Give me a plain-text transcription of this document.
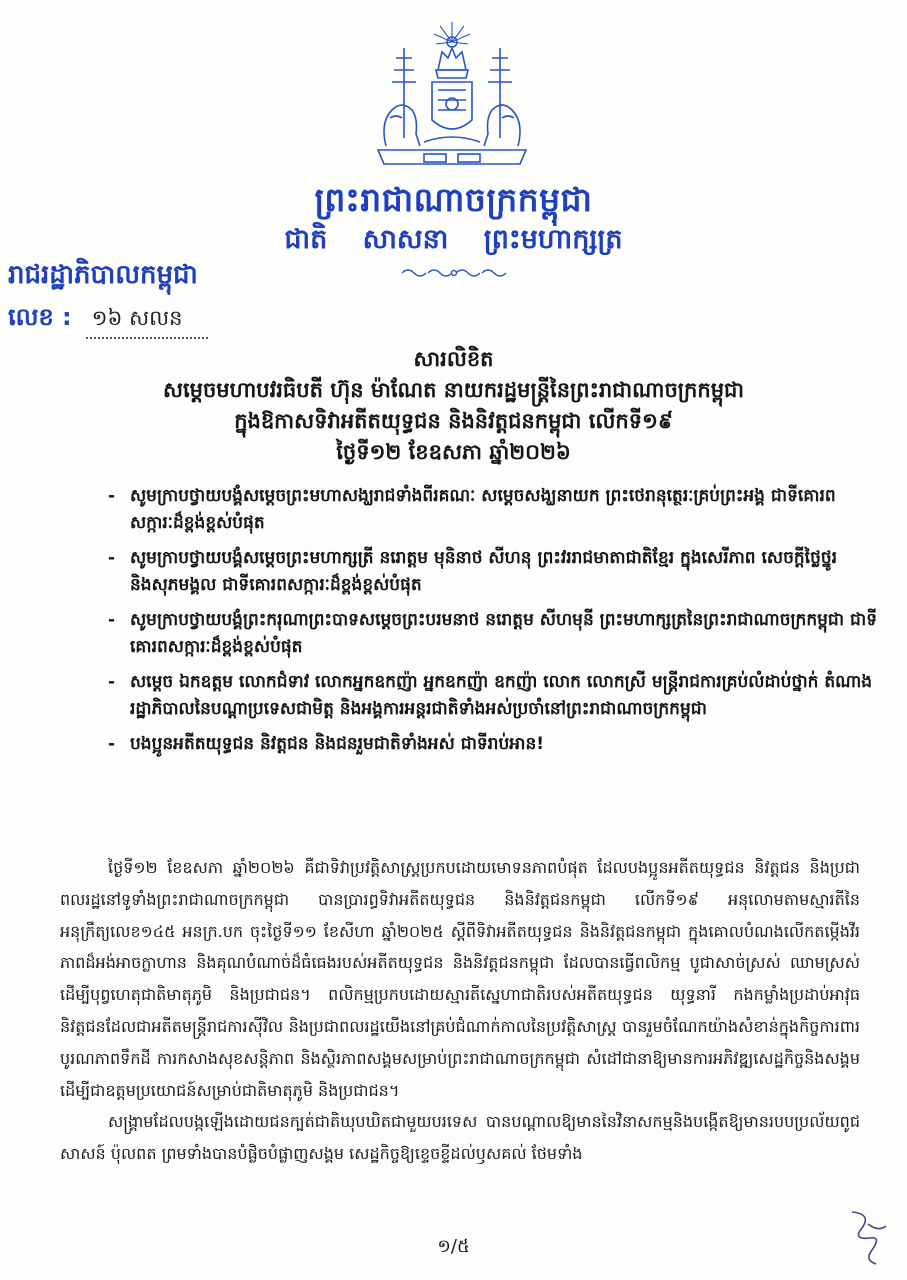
ព្រះរាជាណាចក្រកម្ពុជា
ជាតិ សាសនា ព្រះមហាក្សត្រ
រាជរដ្ឋាភិបាលកម្ពុជា
លេខ : ១៦ សលន
សារលិខិត
សម្ដេចមហាបវរធិបតី ហ៊ុន ម៉ាណែត នាយករដ្ឋមន្ត្រីនៃព្រះរាជាណាចក្រកម្ពុជា
ក្នុងឱកាសទិវាអតីតយុទ្ធជន និងនិវត្តជនកម្ពុជា លើកទី១៩
ថ្ងៃទី១២ ខែឧសភា ឆ្នាំ២០២៦
- សូមក្រាបថ្វាយបង្គំសម្ដេចព្រះមហាសង្ឃរាជទាំងពីរគណៈ សម្ដេចសង្ឃនាយក ព្រះថេរានុត្ថេរៈគ្រប់ព្រះអង្គ ជាទីគោរពសក្ការៈដ៏ខ្ពង់ខ្ពស់បំផុត
- សូមក្រាបថ្វាយបង្គំសម្ដេចព្រះមហាក្សត្រី នរោត្តម មុនិនាថ សីហនុ ព្រះវររាជមាតាជាតិខ្មែរ ក្នុងសេរីភាព សេចក្ដីថ្លៃថ្នូរ និងសុភមង្គល ជាទីគោរពសក្ការៈដ៏ខ្ពង់ខ្ពស់បំផុត
- សូមក្រាបថ្វាយបង្គំព្រះករុណាព្រះបាទសម្ដេចព្រះបរមនាថ នរោត្តម សីហមុនី ព្រះមហាក្សត្រនៃព្រះរាជាណាចក្រកម្ពុជា ជាទីគោរពសក្ការៈដ៏ខ្ពង់ខ្ពស់បំផុត
- សម្ដេច ឯកឧត្តម លោកជំទាវ លោកអ្នកឧកញ៉ា អ្នកឧកញ៉ា ឧកញ៉ា លោក លោកស្រី មន្ត្រីរាជការគ្រប់លំដាប់ថ្នាក់ តំណាងរដ្ឋាភិបាលនៃបណ្ដាប្រទេសជាមិត្ត និងអង្គការអន្តរជាតិទាំងអស់ប្រចាំនៅព្រះរាជាណាចក្រកម្ពុជា
- បងប្អូនអតីតយុទ្ធជន និវត្តជន និងជនរួមជាតិទាំងអស់ ជាទីរាប់អាន!

ថ្ងៃទី១២ ខែឧសភា ឆ្នាំ២០២៦ គឺជាទិវាប្រវត្តិសាស្ត្រប្រកបដោយមោទនភាពបំផុត ដែលបងប្អូនអតីតយុទ្ធជន និវត្តជន និងប្រជាពលរដ្ឋនៅទូទាំងព្រះរាជាណាចក្រកម្ពុជា បានប្រារព្ធទិវាអតីតយុទ្ធជន និងនិវត្តជនកម្ពុជា លើកទី១៩ អនុលោមតាមស្មារតីនៃអនុក្រឹត្យលេខ១៤៥ អនក្រ.បក ចុះថ្ងៃទី១១ ខែសីហា ឆ្នាំ២០២៥ ស្ដីពីទិវាអតីតយុទ្ធជន និងនិវត្តជនកម្ពុជា ក្នុងគោលបំណងលើកតម្កើងវីរភាពដ៏អង់អាចក្លាហាន និងគុណបំណាច់ដ៏ធំធេងរបស់អតីតយុទ្ធជន និងនិវត្តជនកម្ពុជា ដែលបានធ្វើពលិកម្ម បូជាសាច់ស្រស់ ឈាមស្រស់ ដើម្បីបុព្វហេតុជាតិមាតុភូមិ និងប្រជាជន។ ពលិកម្មប្រកបដោយស្មារតីស្នេហាជាតិរបស់អតីតយុទ្ធជន យុទ្ធនារី កងកម្លាំងប្រដាប់អាវុធ និវត្តជនដែលជាអតីតមន្ត្រីរាជការស៊ីវិល និងប្រជាពលរដ្ឋយើងនៅគ្រប់ជំណាក់កាលនៃប្រវត្តិសាស្ត្រ បានរួមចំណែកយ៉ាងសំខាន់ក្នុងកិច្ចការពារបូរណភាពទឹកដី ការកសាងសុខសន្តិភាព និងស្ថិរភាពសង្គមសម្រាប់ព្រះរាជាណាចក្រកម្ពុជា សំដៅជានាឱ្យមានការអភិវឌ្ឍសេដ្ឋកិច្ចនិងសង្គមដើម្បីជាឧត្តមប្រយោជន៍សម្រាប់ជាតិមាតុភូមិ និងប្រជាជន។

សង្គ្រាមដែលបង្កឡើងដោយជនក្បត់ជាតិឃុបឃិតជាមួយបរទេស បានបណ្ដាលឱ្យមាននៃវិនាសកម្មនិងបង្កើតឱ្យមានរបបប្រល័យពូជសាសន៍ ប៉ុលពត ព្រមទាំងបានបំផ្លិចបំផ្លាញសង្គម សេដ្ឋកិច្ចឱ្យខ្ទេចខ្ទីដល់ឫសគល់ ថែមទាំង

១/៥
